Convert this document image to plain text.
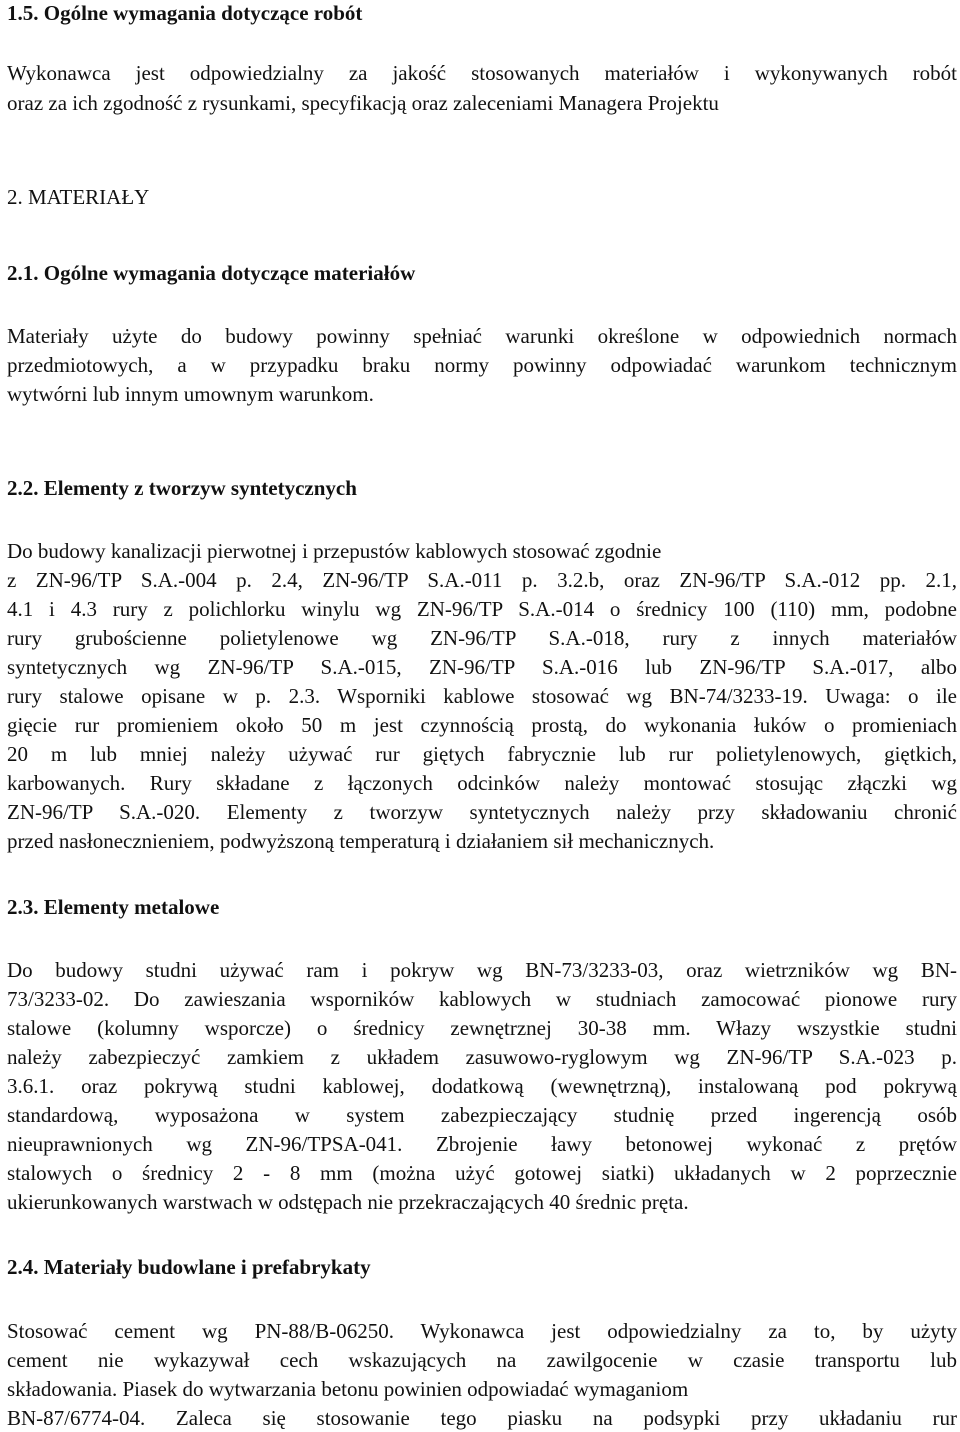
1.5. Ogólne wymagania dotyczące robót
Wykonawca jest odpowiedzialny za jakość stosowanych materiałów i wykonywanych robót
oraz za ich zgodność z rysunkami, specyfikacją oraz zaleceniami Managera Projektu
2. MATERIAŁY
2.1. Ogólne wymagania dotyczące materiałów
Materiały użyte do budowy powinny spełniać warunki określone w odpowiednich normach
przedmiotowych, a w przypadku braku normy powinny odpowiadać warunkom technicznym
wytwórni lub innym umownym warunkom.
2.2. Elementy z tworzyw syntetycznych
Do budowy kanalizacji pierwotnej i przepustów kablowych stosować zgodnie
z ZN-96/TP S.A.-004 p. 2.4, ZN-96/TP S.A.-011 p. 3.2.b, oraz ZN-96/TP S.A.-012 pp. 2.1,
4.1 i 4.3 rury z polichlorku winylu wg ZN-96/TP S.A.-014 o średnicy 100 (110) mm, podobne
rury grubościenne polietylenowe wg ZN-96/TP S.A.-018, rury z innych materiałów
syntetycznych wg ZN-96/TP S.A.-015, ZN-96/TP S.A.-016 lub ZN-96/TP S.A.-017, albo
rury stalowe opisane w p. 2.3. Wsporniki kablowe stosować wg BN-74/3233-19. Uwaga: o ile
gięcie rur promieniem około 50 m jest czynnością prostą, do wykonania łuków o promieniach
20 m lub mniej należy używać rur giętych fabrycznie lub rur polietylenowych, giętkich,
karbowanych. Rury składane z łączonych odcinków należy montować stosując złączki wg
ZN-96/TP S.A.-020. Elementy z tworzyw syntetycznych należy przy składowaniu chronić
przed nasłonecznieniem, podwyższoną temperaturą i działaniem sił mechanicznych.
2.3. Elementy metalowe
Do budowy studni używać ram i pokryw wg BN-73/3233-03, oraz wietrzników wg BN-
73/3233-02. Do zawieszania wsporników kablowych w studniach zamocować pionowe rury
stalowe (kolumny wsporcze) o średnicy zewnętrznej 30-38 mm. Włazy wszystkie studni
należy zabezpieczyć zamkiem z układem zasuwowo-ryglowym wg ZN-96/TP S.A.-023 p.
3.6.1. oraz pokrywą studni kablowej, dodatkową (wewnętrzną), instalowaną pod pokrywą
standardową, wyposażona w system zabezpieczający studnię przed ingerencją osób
nieuprawnionych wg ZN-96/TPSA-041. Zbrojenie ławy betonowej wykonać z prętów
stalowych o średnicy 2 - 8 mm (można użyć gotowej siatki) układanych w 2 poprzecznie
ukierunkowanych warstwach w odstępach nie przekraczających 40 średnic pręta.
2.4. Materiały budowlane i prefabrykaty
Stosować cement wg PN-88/B-06250. Wykonawca jest odpowiedzialny za to, by użyty
cement nie wykazywał cech wskazujących na zawilgocenie w czasie transportu lub
składowania. Piasek do wytwarzania betonu powinien odpowiadać wymaganiom
BN-87/6774-04. Zaleca się stosowanie tego piasku na podsypki przy układaniu rur
